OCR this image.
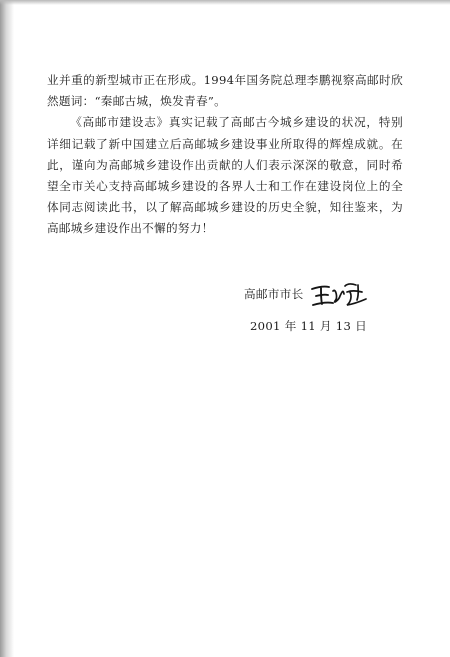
业并重的新型城市正在形成。1994年国务院总理李鹏视察高邮时欣然题词：“秦邮古城，焕发青春”。

《高邮市建设志》真实记载了高邮古今城乡建设的状况，特别详细记载了新中国建立后高邮城乡建设事业所取得的辉煌成就。在此，谨向为高邮城乡建设作出贡献的人们表示深深的敬意，同时希望全市关心支持高邮城乡建设的各界人士和工作在建设岗位上的全体同志阅读此书，以了解高邮城乡建设的历史全貌，知往鉴来，为高邮城乡建设作出不懈的努力！

高邮市市长
2001 年 11 月 13 日
